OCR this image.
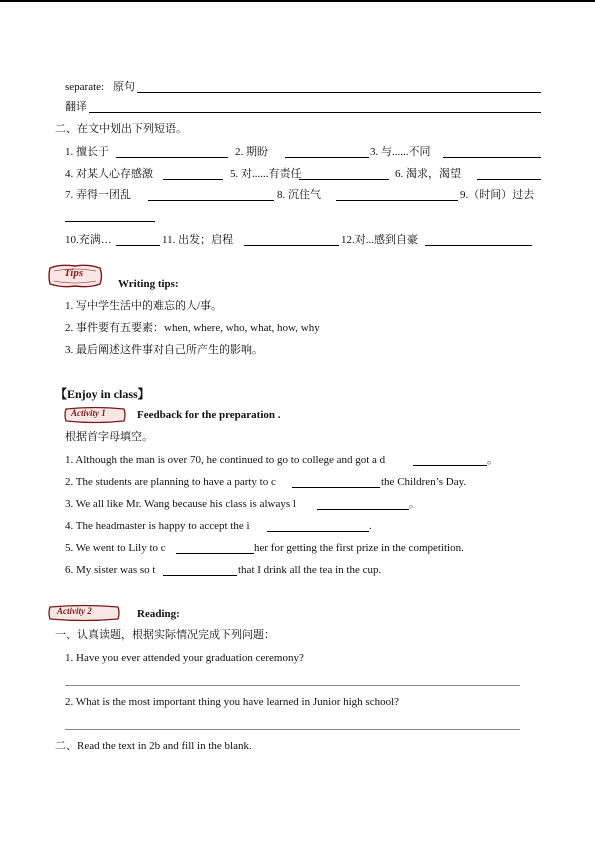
separate: 原句
翻译
二、在文中划出下列短语。
1. 擅长于	2. 期盼	3. 与......不同
4. 对某人心存感激	5. 对......有责任	6. 渴求，渴望
7. 弄得一团乱	8. 沉住气	9.（时间）过去
10.充满…	11. 出发；启程	12.对...感到自豪
Tips
Writing tips:
1. 写中学生活中的难忘的人/事。
2. 事件要有五要素：when, where, who, what, how, why
3. 最后阐述这件事对自己所产生的影响。
【Enjoy in class】
Activity 1	Feedback for the preparation .
根据首字母填空。
1. Although the man is over 70, he continued to go to college and got a d	。
2. The students are planning to have a party to c	the Children’s Day.
3. We all like Mr. Wang because his class is always l	。
4. The headmaster is happy to accept the i	.
5. We went to Lily to c	her for getting the first prize in the competition.
6. My sister was so t	that I drink all the tea in the cup.
Activity 2	Reading:
一、认真读题，根据实际情况完成下列问题：
1. Have you ever attended your graduation ceremony?
2. What is the most important thing you have learned in Junior high school?
二、Read the text in 2b and fill in the blank.
